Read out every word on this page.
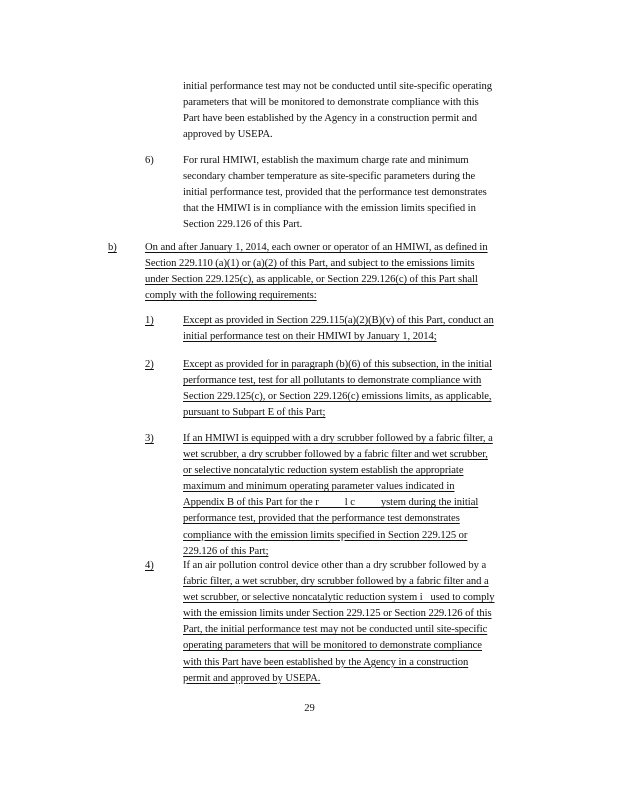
initial performance test may not be conducted until site-specific operating
parameters that will be monitored to demonstrate compliance with this
Part have been established by the Agency in a construction permit and
approved by USEPA.
6)	For rural HMIWI, establish the maximum charge rate and minimum
secondary chamber temperature as site-specific parameters during the
initial performance test, provided that the performance test demonstrates
that the HMIWI is in compliance with the emission limits specified in
Section 229.126 of this Part.
b)	On and after January 1, 2014, each owner or operator of an HMIWI, as defined in
Section 229.110 (a)(1) or (a)(2) of this Part, and subject to the emissions limits
under Section 229.125(c), as applicable, or Section 229.126(c) of this Part shall
comply with the following requirements:
1)	Except as provided in Section 229.115(a)(2)(B)(v) of this Part, conduct an
initial performance test on their HMIWI by January 1, 2014;
2)	Except as provided for in paragraph (b)(6) of this subsection, in the initial
performance test, test for all pollutants to demonstrate compliance with
Section 229.125(c), or Section 229.126(c) emissions limits, as applicable,
pursuant to Subpart E of this Part;
3)	If an HMIWI is equipped with a dry scrubber followed by a fabric filter, a
wet scrubber, a dry scrubber followed by a fabric filter and wet scrubber,
or selective noncatalytic reduction system establish the appropriate
maximum and minimum operating parameter values indicated in
Appendix B of this Part for the r          l c          ystem during the initial
performance test, provided that the performance test demonstrates
compliance with the emission limits specified in Section 229.125 or
229.126 of this Part;
4)	If an air pollution control device other than a dry scrubber followed by a
fabric filter, a wet scrubber, dry scrubber followed by a fabric filter and a
wet scrubber, or selective noncatalytic reduction system i   used to comply
with the emission limits under Section 229.125 or Section 229.126 of this
Part, the initial performance test may not be conducted until site-specific
operating parameters that will be monitored to demonstrate compliance
with this Part have been established by the Agency in a construction
permit and approved by USEPA.
29
